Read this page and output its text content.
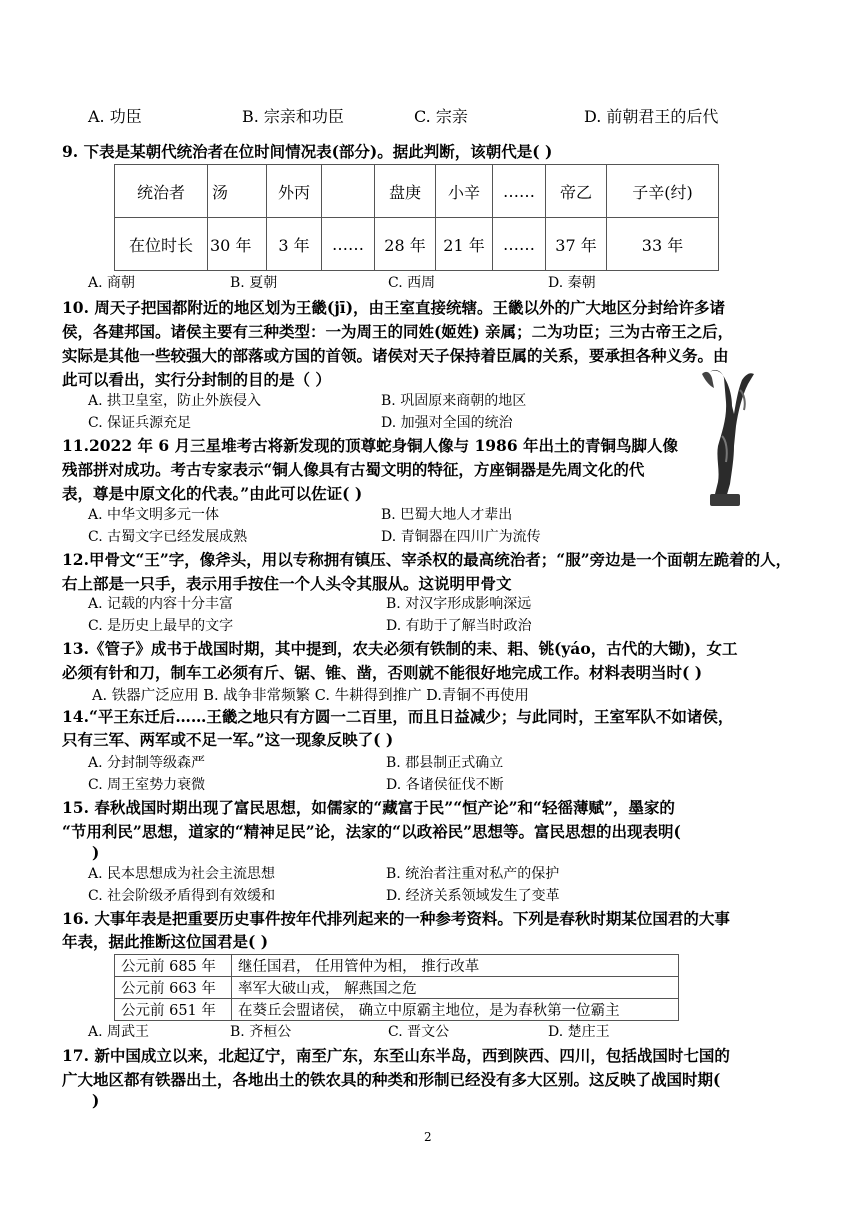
A. 功臣	B. 宗亲和功臣	C. 宗亲	D. 前朝君王的后代
9. 下表是某朝代统治者在位时间情况表(部分)。据此判断，该朝代是( )
统治者	汤	外丙		盘庚	小辛	……	帝乙	子辛(纣)
在位时长	30 年	3 年	……	28 年	21 年	……	37 年	33 年
A. 商朝	B. 夏朝	C. 西周	D. 秦朝
10. 周天子把国都附近的地区划为王畿(jī)，由王室直接统辖。王畿以外的广大地区分封给许多诸
侯，各建邦国。诸侯主要有三种类型：一为周王的同姓(姬姓) 亲属；二为功臣；三为古帝王之后，
实际是其他一些较强大的部落或方国的首领。诸侯对天子保持着臣属的关系，要承担各种义务。由
此可以看出，实行分封制的目的是（ ）
A. 拱卫皇室，防止外族侵入	B. 巩固原来商朝的地区
C. 保证兵源充足	D. 加强对全国的统治
11.2022 年 6 月三星堆考古将新发现的顶尊蛇身铜人像与 1986 年出土的青铜鸟脚人像
残部拼对成功。考古专家表示“铜人像具有古蜀文明的特征，方座铜器是先周文化的代
表，尊是中原文化的代表。”由此可以佐证( )
A. 中华文明多元一体	B. 巴蜀大地人才辈出
C. 古蜀文字已经发展成熟	D. 青铜器在四川广为流传
12.甲骨文“王”字，像斧头，用以专称拥有镇压、宰杀权的最高统治者；“服”旁边是一个面朝左跪着的人，
右上部是一只手，表示用手按住一个人头令其服从。这说明甲骨文
A. 记载的内容十分丰富	B. 对汉字形成影响深远
C. 是历史上最早的文字	D. 有助于了解当时政治
13.《管子》成书于战国时期，其中提到，农夫必须有铁制的耒、耜、铫(yáo，古代的大锄)，女工
必须有针和刀，制车工必须有斤、锯、锥、凿，否则就不能很好地完成工作。材料表明当时( )
A. 铁器广泛应用 B. 战争非常频繁 C. 牛耕得到推广 D.青铜不再使用
14.“平王东迁后……王畿之地只有方圆一二百里，而且日益减少；与此同时，王室军队不如诸侯，
只有三军、两军或不足一军。”这一现象反映了( )
A. 分封制等级森严	B. 郡县制正式确立
C. 周王室势力衰微	D. 各诸侯征伐不断
15. 春秋战国时期出现了富民思想，如儒家的“藏富于民”“恒产论”和“轻徭薄赋”，墨家的
“节用利民”思想，道家的“精神足民”论，法家的“以政裕民”思想等。富民思想的出现表明(
)
A. 民本思想成为社会主流思想	B. 统治者注重对私产的保护
C. 社会阶级矛盾得到有效缓和	D. 经济关系领域发生了变革
16. 大事年表是把重要历史事件按年代排列起来的一种参考资料。下列是春秋时期某位国君的大事
年表，据此推断这位国君是( )
公元前 685 年	继任国君， 任用管仲为相， 推行改革
公元前 663 年	率军大破山戎， 解燕国之危
公元前 651 年	在葵丘会盟诸侯， 确立中原霸主地位，是为春秋第一位霸主
A. 周武王	B. 齐桓公	C. 晋文公	D. 楚庄王
17. 新中国成立以来，北起辽宁，南至广东，东至山东半岛，西到陕西、四川，包括战国时七国的
广大地区都有铁器出土，各地出土的铁农具的种类和形制已经没有多大区别。这反映了战国时期(
)
2
